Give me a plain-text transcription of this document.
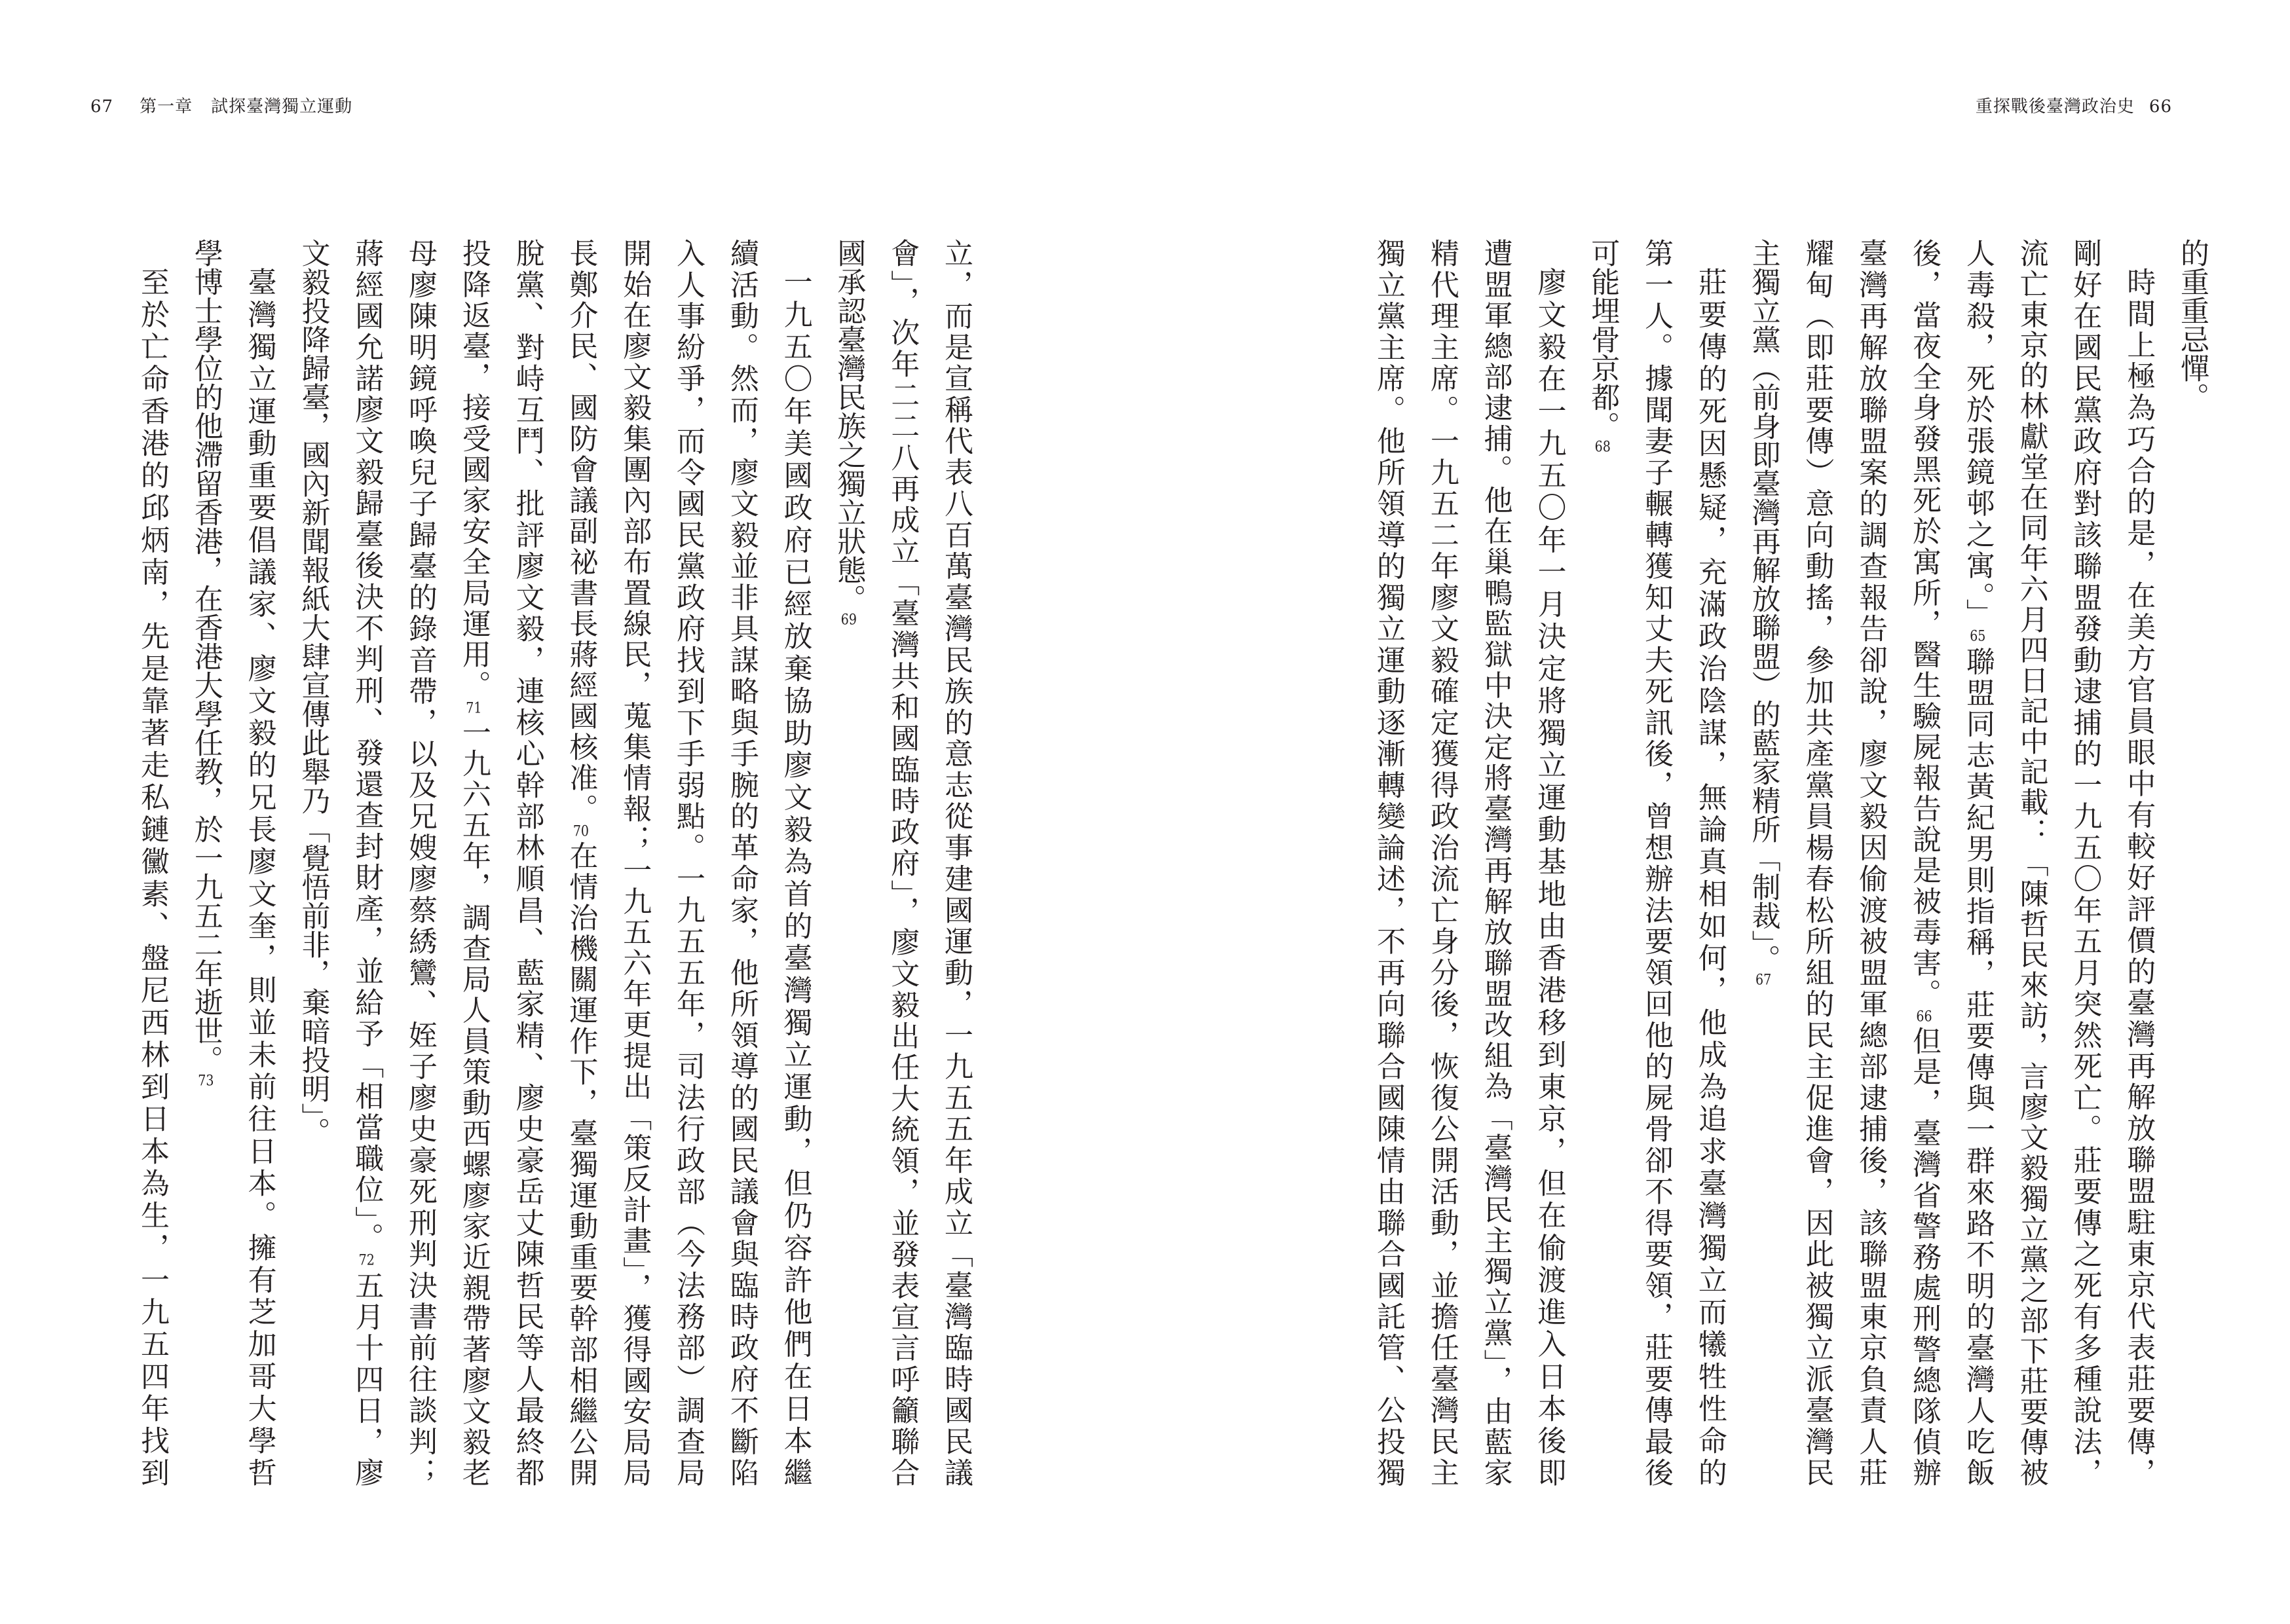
67 第一章 試探臺灣獨立運動	重探戰後臺灣政治史 66
的重重忌憚。
時間上極為巧合的是，在美方官員眼中有較好評價的臺灣再解放聯盟駐東京代表莊要傳，
剛好在國民黨政府對該聯盟發動逮捕的一九五〇年五月突然死亡。莊要傳之死有多種說法，
流亡東京的林獻堂在同年六月四日記中記載：「陳哲民來訪，言廖文毅獨立黨之部下莊要傳被
人毒殺，死於張鏡邨之寓。」65聯盟同志黃紀男則指稱，莊要傳與一群來路不明的臺灣人吃飯
後，當夜全身發黑死於寓所，醫生驗屍報告說是被毒害。66但是，臺灣省警務處刑警總隊偵辦
臺灣再解放聯盟案的調查報告卻說，廖文毅因偷渡被盟軍總部逮捕後，該聯盟東京負責人莊
耀甸（即莊要傳）意向動搖，參加共產黨員楊春松所組的民主促進會，因此被獨立派臺灣民
主獨立黨（前身即臺灣再解放聯盟）的藍家精所「制裁」。67
莊要傳的死因懸疑，充滿政治陰謀，無論真相如何，他成為追求臺灣獨立而犧牲性命的
第一人。據聞妻子輾轉獲知丈夫死訊後，曾想辦法要領回他的屍骨卻不得要領，莊要傳最後
可能埋骨京都。68
廖文毅在一九五〇年一月決定將獨立運動基地由香港移到東京，但在偷渡進入日本後即
遭盟軍總部逮捕。他在巢鴨監獄中決定將臺灣再解放聯盟改組為「臺灣民主獨立黨」，由藍家
精代理主席。一九五二年廖文毅確定獲得政治流亡身分後，恢復公開活動，並擔任臺灣民主
獨立黨主席。他所領導的獨立運動逐漸轉變論述，不再向聯合國陳情由聯合國託管、公投獨
立，而是宣稱代表八百萬臺灣民族的意志從事建國運動，一九五五年成立「臺灣臨時國民議
會」，次年二二八再成立「臺灣共和國臨時政府」，廖文毅出任大統領，並發表宣言呼籲聯合
國承認臺灣民族之獨立狀態。69
一九五〇年美國政府已經放棄協助廖文毅為首的臺灣獨立運動，但仍容許他們在日本繼
續活動。然而，廖文毅並非具謀略與手腕的革命家，他所領導的國民議會與臨時政府不斷陷
入人事紛爭，而令國民黨政府找到下手弱點。一九五五年，司法行政部（今法務部）調查局
開始在廖文毅集團內部布置線民，蒐集情報；一九五六年更提出「策反計畫」，獲得國安局局
長鄭介民、國防會議副祕書長蔣經國核准。70在情治機關運作下，臺獨運動重要幹部相繼公開
脫黨、對峙互鬥、批評廖文毅，連核心幹部林順昌、藍家精、廖史豪岳丈陳哲民等人最終都
投降返臺，接受國家安全局運用。71一九六五年，調查局人員策動西螺廖家近親帶著廖文毅老
母廖陳明鏡呼喚兒子歸臺的錄音帶，以及兄嫂廖蔡綉鸞、姪子廖史豪死刑判決書前往談判；
蔣經國允諾廖文毅歸臺後決不判刑、發還查封財產，並給予「相當職位」。72五月十四日，廖
文毅投降歸臺，國內新聞報紙大肆宣傳此舉乃「覺悟前非，棄暗投明」。
臺灣獨立運動重要倡議家、廖文毅的兄長廖文奎，則並未前往日本。擁有芝加哥大學哲
學博士學位的他滯留香港，在香港大學任教，於一九五二年逝世。73
至於亡命香港的邱炳南，先是靠著走私鏈黴素、盤尼西林到日本為生，一九五四年找到
